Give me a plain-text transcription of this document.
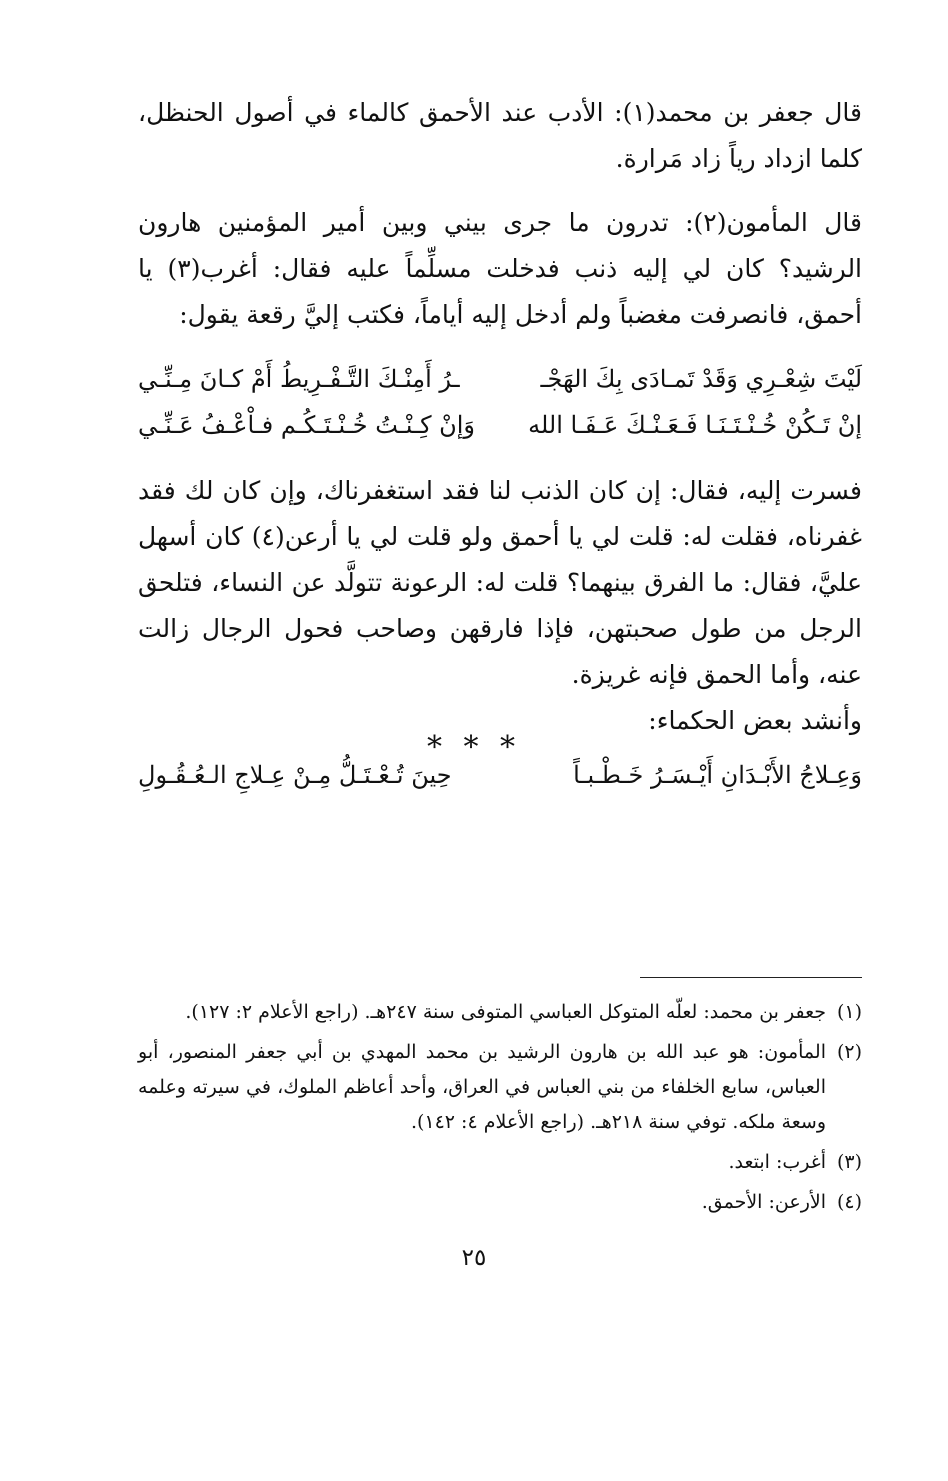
قال جعفر بن محمد(١): الأدب عند الأحمق كالماء في أصول الحنظل، كلما ازداد رياً زاد مَرارة.

قال المأمون(٢): تدرون ما جرى بيني وبين أمير المؤمنين هارون الرشيد؟ كان لي إليه ذنب فدخلت مسلِّماً عليه فقال: أغرب(٣) يا أحمق، فانصرفت مغضباً ولم أدخل إليه أياماً، فكتب إليَّ رقعة يقول:

لَيْتَ شِعْـرِي وَقَدْ تَمـادَى بِكَ الهَجْـ
ـرُ أَمِنْـكَ التَّـفْـرِيطُ أَمْ كـانَ مِـنِّـي
إنْ تَـكُنْ خُـنْـتَـنَـا فَـعَـنْـكَ عَـفَـا الله
وَإنْ كِـنْـتُ خُـنْـتَـكُـم فـاْعْـفُ عَـنِّـي

فسرت إليه، فقال: إن كان الذنب لنا فقد استغفرناك، وإن كان لك فقد غفرناه، فقلت له: قلت لي يا أحمق ولو قلت لي يا أرعن(٤) كان أسهل عليَّ، فقال: ما الفرق بينهما؟ قلت له: الرعونة تتولَّد عن النساء، فتلحق الرجل من طول صحبتهن، فإذا فارقهن وصاحب فحول الرجال زالت عنه، وأما الحمق فإنه غريزة.

وأنشد بعض الحكماء:

وَعِـلاجُ الأَبْـدَانِ أَيْـسَـرُ خَـطْـبـاً
حِينَ تُـعْـتَـلُّ مِـنْ عِـلاجِ الـعُـقُـولِ
* * *
(١)
جعفر بن محمد: لعلّه المتوكل العباسي المتوفى سنة ٢٤٧هـ. (راجع الأعلام ٢: ١٢٧).
(٢)
المأمون: هو عبد الله بن هارون الرشيد بن محمد المهدي بن أبي جعفر المنصور، أبو العباس، سابع الخلفاء من بني العباس في العراق، وأحد أعاظم الملوك، في سيرته وعلمه وسعة ملكه. توفي سنة ٢١٨هـ. (راجع الأعلام ٤: ١٤٢).
(٣)
أغرب: ابتعد.
(٤)
الأرعن: الأحمق.
٢٥
